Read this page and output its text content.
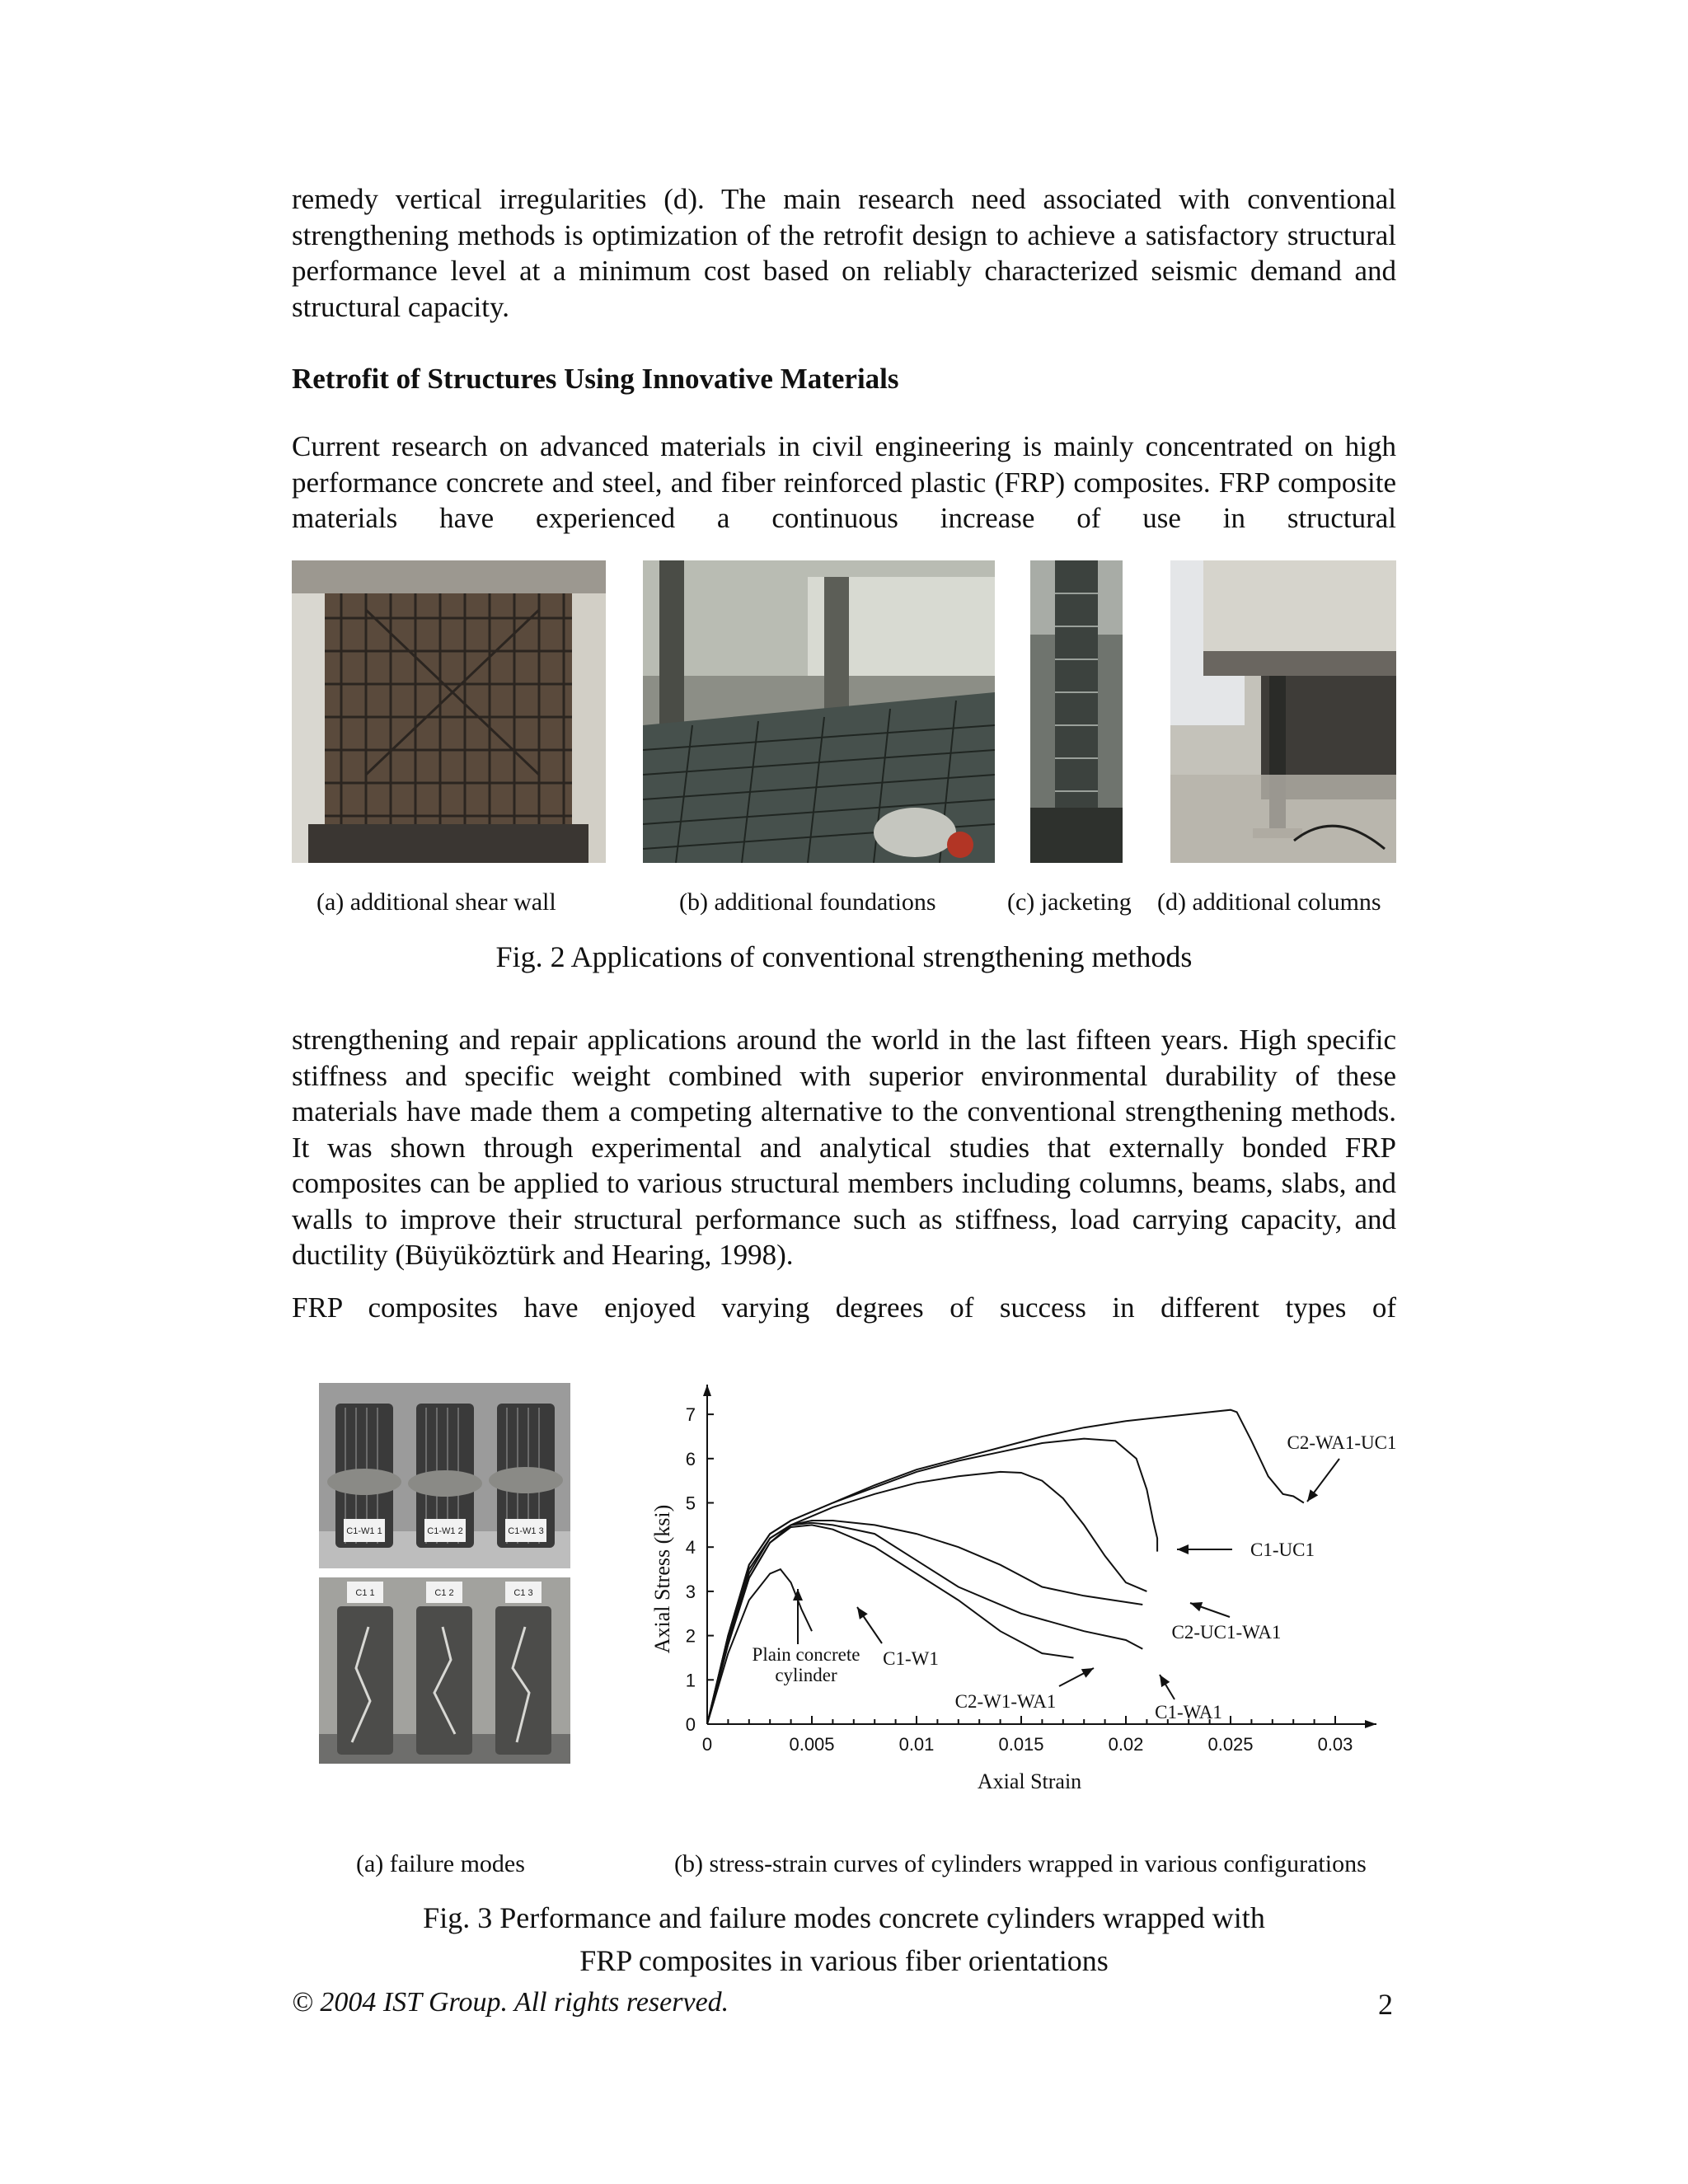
remedy vertical irregularities (d). The main research need associated with conventional strengthening methods is optimization of the retrofit design to achieve a satisfactory structural performance level at a minimum cost based on reliably characterized seismic demand and structural capacity.

Retrofit of Structures Using Innovative Materials

Current research on advanced materials in civil engineering is mainly concentrated on high performance concrete and steel, and fiber reinforced plastic (FRP) composites. FRP composite materials have experienced a continuous increase of use in structural

(a) additional shear wall	(b) additional foundations	(c) jacketing (d) additional columns
Fig. 2 Applications of conventional strengthening methods

strengthening and repair applications around the world in the last fifteen years. High specific stiffness and specific weight combined with superior environmental durability of these materials have made them a competing alternative to the conventional strengthening methods. It was shown through experimental and analytical studies that externally bonded FRP composites can be applied to various structural members including columns, beams, slabs, and walls to improve their structural performance such as stiffness, load carrying capacity, and ductility (Büyüköztürk and Hearing, 1998).

FRP composites have enjoyed varying degrees of success in different types of

C1-W1 1	C1-W1 2	C1-W1 3
C1 1	C1 2	C1 3
0
1
2
3
4
5
6
7
0	0.005	0.01	0.015	0.02	0.025	0.03
Axial Strain
Axial Stress (ksi)
Plain concrete
cylinder
C1-W1
C2-W1-WA1
C1-WA1
C2-UC1-WA1
C1-UC1
C2-WA1-UC1
(a) failure modes	(b) stress-strain curves of cylinders wrapped in various configurations
Fig. 3 Performance and failure modes concrete cylinders wrapped with
FRP composites in various fiber orientations
© 2004 IST Group. All rights reserved.	2
